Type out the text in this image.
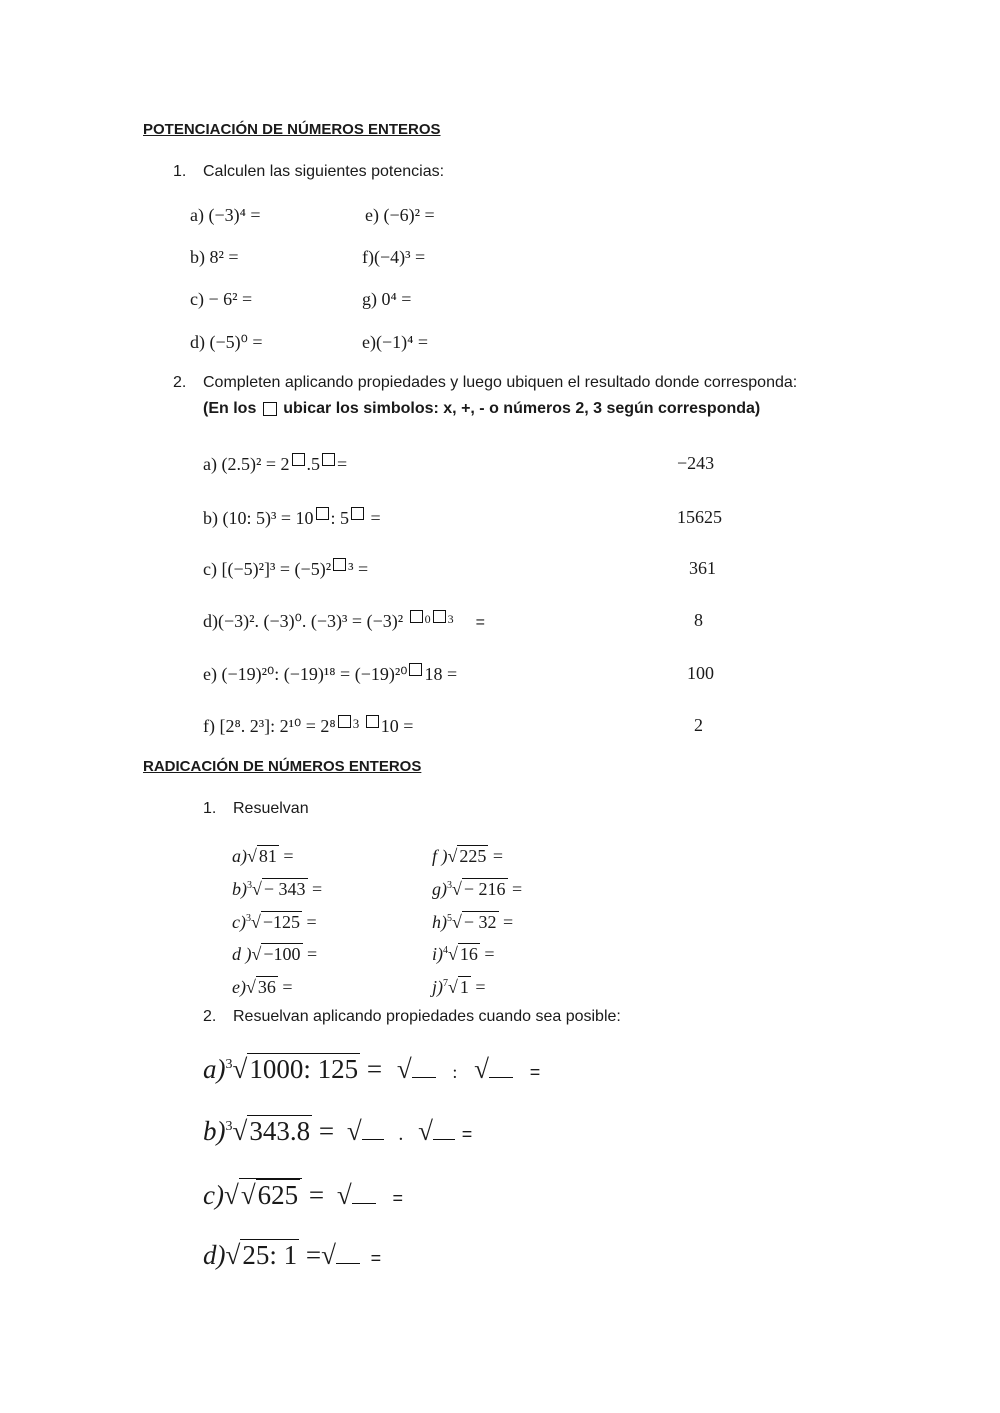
POTENCIACIÓN DE NÚMEROS ENTEROS
1. Calculen las siguientes potencias:
a) (−3)⁴ =
b) 8² =
c) − 6² =
d) (−5)⁰ =
e) (−6)² =
f)(−4)³ =
g) 0⁴ =
e)(−1)⁴ =
2. Completen aplicando propiedades y luego ubiquen el resultado donde corresponda:
(En los ubicar los simbolos: x, +, - o números 2, 3 según corresponda)
a) (2.5)² = 2 .5 =
b) (10: 5)³ = 10 : 5 =
c) [(−5)²]³ = (−5)² ³ =
d)(−3)². (−3)⁰. (−3)³ = (−3)² $^0$ $^3$ =
e) (−19)²⁰: (−19)¹⁸ = (−19)²⁰ 18 =
f) [2⁸. 2³]: 2¹⁰ = 2⁸ $^3$ 10 =
−243
15625
361
8
100
2
RADICACIÓN DE NÚMEROS ENTEROS
1. Resuelvan
a)√ 81 =
b)$^3$√ − 343 =
c)$^3$√ −125 =
d )√ −100 =
e)√ 36 =
f )√ 225 =
g)$^3$√ − 216 =
h)$^5$√ − 32 =
i)$^4$√ 16 =
j)$^7$√ 1 =
2. Resuelvan aplicando propiedades cuando sea posible:
a)$^3$√1000: 125 = √ : √ =
b)$^3$√343.8 = √ . √ =
c)√√625 = √ =
d)√25: 1 =√ =
